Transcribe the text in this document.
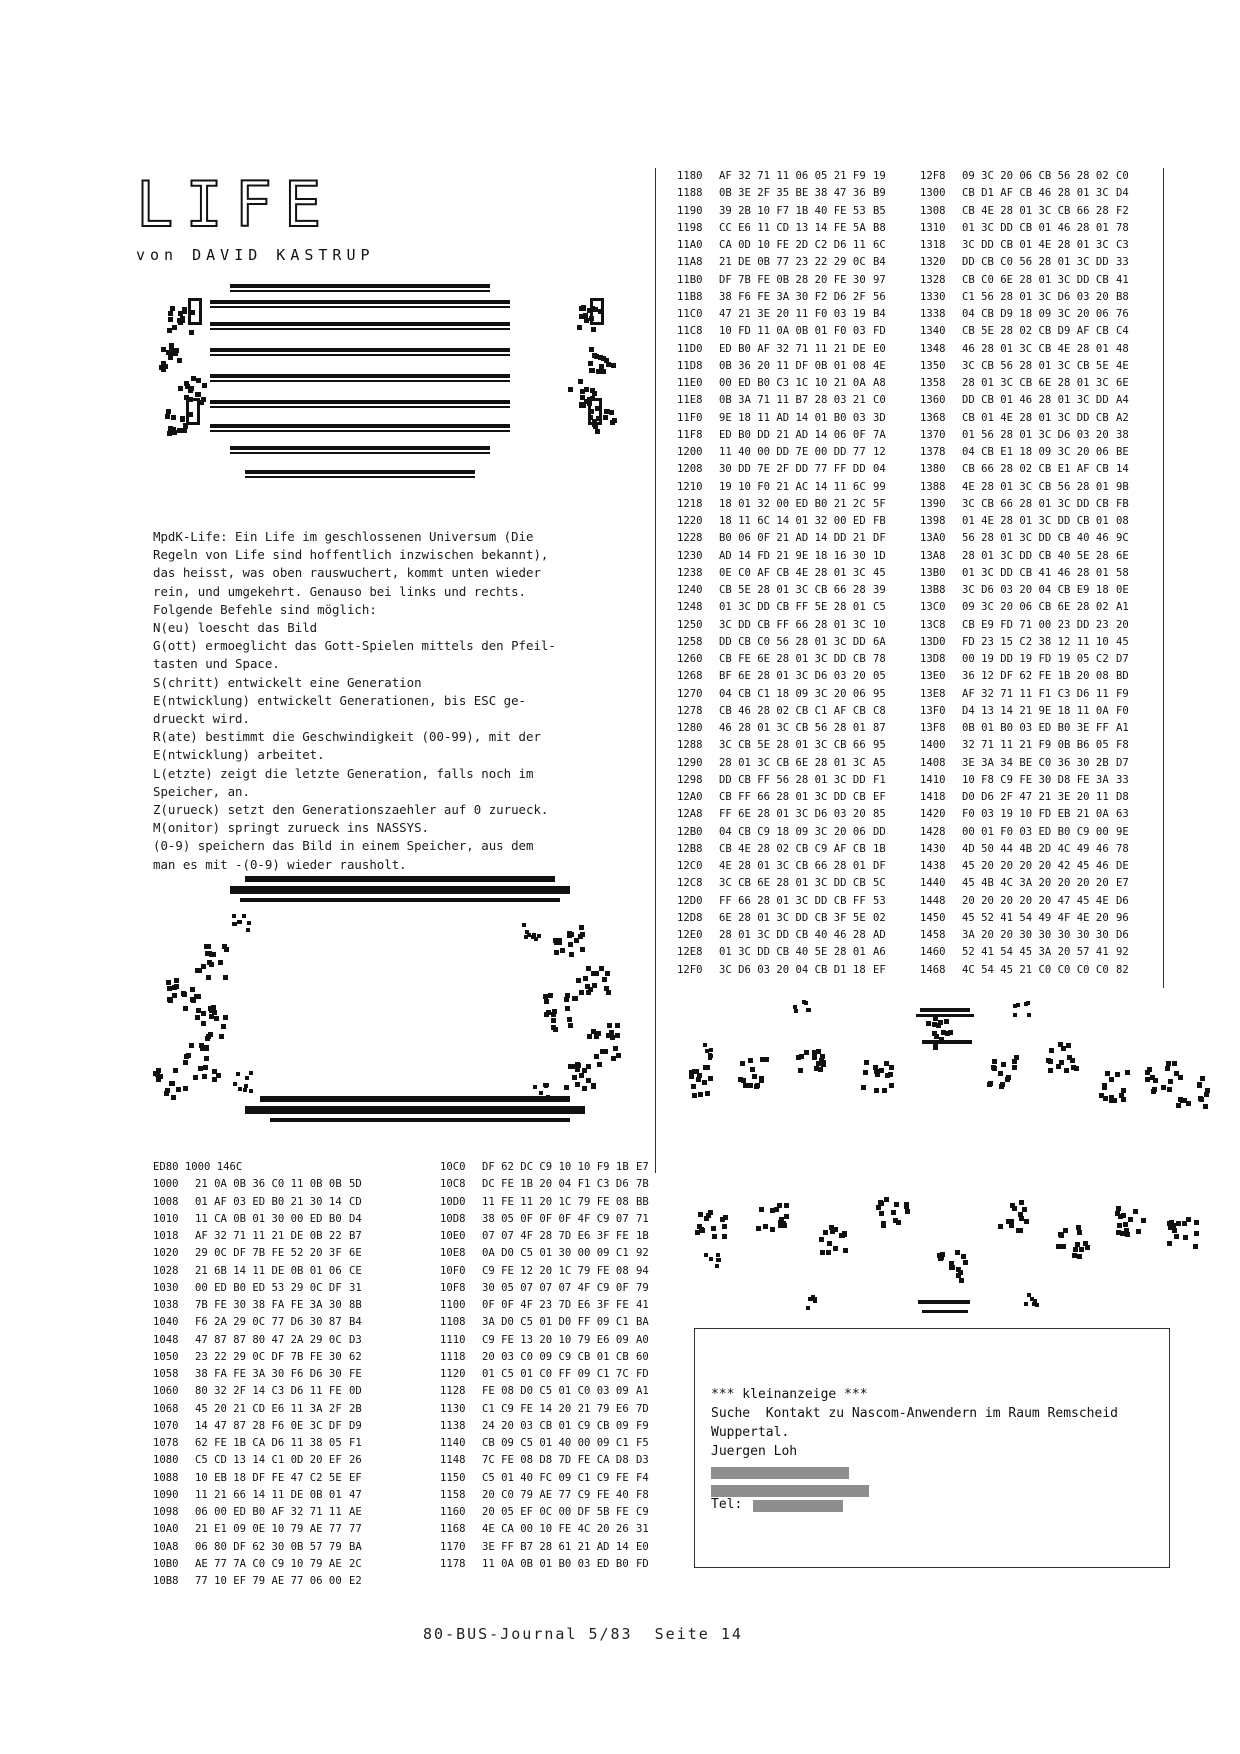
LIFE

von DAVID KASTRUP

MpdK-Life: Ein Life im geschlossenen Universum (Die
Regeln von Life sind hoffentlich inzwischen bekannt),
das heisst, was oben rauswuchert, kommt unten wieder
rein, und umgekehrt. Genauso bei links und rechts.
Folgende Befehle sind möglich:
N(eu) loescht das Bild
G(ott) ermoeglicht das Gott-Spielen mittels den Pfeil-
tasten und Space.
S(chritt) entwickelt eine Generation
E(ntwicklung) entwickelt Generationen, bis ESC ge-
drueckt wird.
R(ate) bestimmt die Geschwindigkeit (00-99), mit der
E(ntwicklung) arbeitet.
L(etzte) zeigt die letzte Generation, falls noch im
Speicher, an.
Z(urueck) setzt den Generationszaehler auf 0 zurueck.
M(onitor) springt zurueck ins NASSYS.
(0-9) speichern das Bild in einem Speicher, aus dem
man es mit -(0-9) wieder rausholt.
ED80 1000 146C
1000 21 0A 0B 36 C0 11 0B 0B 5D
1008 01 AF 03 ED B0 21 30 14 CD
1010 11 CA 0B 01 30 00 ED B0 D4
1018 AF 32 71 11 21 DE 0B 22 B7
1020 29 0C DF 7B FE 52 20 3F 6E
1028 21 6B 14 11 DE 0B 01 06 CE
1030 00 ED B0 ED 53 29 0C DF 31
1038 7B FE 30 38 FA FE 3A 30 8B
1040 F6 2A 29 0C 77 D6 30 87 B4
1048 47 87 87 80 47 2A 29 0C D3
1050 23 22 29 0C DF 7B FE 30 62
1058 38 FA FE 3A 30 F6 D6 30 FE
1060 80 32 2F 14 C3 D6 11 FE 0D
1068 45 20 21 CD E6 11 3A 2F 2B
1070 14 47 87 28 F6 0E 3C DF D9
1078 62 FE 1B CA D6 11 38 05 F1
1080 C5 CD 13 14 C1 0D 20 EF 26
1088 10 EB 18 DF FE 47 C2 5E EF
1090 11 21 66 14 11 DE 0B 01 47
1098 06 00 ED B0 AF 32 71 11 AE
10A0 21 E1 09 0E 10 79 AE 77 77
10A8 06 80 DF 62 30 0B 57 79 BA
10B0 AE 77 7A C0 C9 10 79 AE 2C
10B8 77 10 EF 79 AE 77 06 00 E2
10C0 DF 62 DC C9 10 10 F9 1B E7
10C8 DC FE 1B 20 04 F1 C3 D6 7B
10D0 11 FE 11 20 1C 79 FE 08 BB
10D8 38 05 0F 0F 0F 4F C9 07 71
10E0 07 07 4F 28 7D E6 3F FE 1B
10E8 0A D0 C5 01 30 00 09 C1 92
10F0 C9 FE 12 20 1C 79 FE 08 94
10F8 30 05 07 07 07 4F C9 0F 79
1100 0F 0F 4F 23 7D E6 3F FE 41
1108 3A D0 C5 01 D0 FF 09 C1 BA
1110 C9 FE 13 20 10 79 E6 09 A0
1118 20 03 C0 09 C9 CB 01 CB 60
1120 01 C5 01 C0 FF 09 C1 7C FD
1128 FE 08 D0 C5 01 C0 03 09 A1
1130 C1 C9 FE 14 20 21 79 E6 7D
1138 24 20 03 CB 01 C9 CB 09 F9
1140 CB 09 C5 01 40 00 09 C1 F5
1148 7C FE 08 D8 7D FE CA D8 D3
1150 C5 01 40 FC 09 C1 C9 FE F4
1158 20 C0 79 AE 77 C9 FE 40 F8
1160 20 05 EF 0C 00 DF 5B FE C9
1168 4E CA 00 10 FE 4C 20 26 31
1170 3E FF B7 28 61 21 AD 14 E0
1178 11 0A 0B 01 B0 03 ED B0 FD
1180 AF 32 71 11 06 05 21 F9 19
1188 0B 3E 2F 35 BE 38 47 36 B9
1190 39 2B 10 F7 1B 40 FE 53 B5
1198 CC E6 11 CD 13 14 FE 5A B8
11A0 CA 0D 10 FE 2D C2 D6 11 6C
11A8 21 DE 0B 77 23 22 29 0C B4
11B0 DF 7B FE 0B 28 20 FE 30 97
11B8 38 F6 FE 3A 30 F2 D6 2F 56
11C0 47 21 3E 20 11 F0 03 19 B4
11C8 10 FD 11 0A 0B 01 F0 03 FD
11D0 ED B0 AF 32 71 11 21 DE E0
11D8 0B 36 20 11 DF 0B 01 08 4E
11E0 00 ED B0 C3 1C 10 21 0A A8
11E8 0B 3A 71 11 B7 28 03 21 C0
11F0 9E 18 11 AD 14 01 B0 03 3D
11F8 ED B0 DD 21 AD 14 06 0F 7A
1200 11 40 00 DD 7E 00 DD 77 12
1208 30 DD 7E 2F DD 77 FF DD 04
1210 19 10 F0 21 AC 14 11 6C 99
1218 18 01 32 00 ED B0 21 2C 5F
1220 18 11 6C 14 01 32 00 ED FB
1228 B0 06 0F 21 AD 14 DD 21 DF
1230 AD 14 FD 21 9E 18 16 30 1D
1238 0E C0 AF CB 4E 28 01 3C 45
1240 CB 5E 28 01 3C CB 66 28 39
1248 01 3C DD CB FF 5E 28 01 C5
1250 3C DD CB FF 66 28 01 3C 10
1258 DD CB C0 56 28 01 3C DD 6A
1260 CB FE 6E 28 01 3C DD CB 78
1268 BF 6E 28 01 3C D6 03 20 05
1270 04 CB C1 18 09 3C 20 06 95
1278 CB 46 28 02 CB C1 AF CB C8
1280 46 28 01 3C CB 56 28 01 87
1288 3C CB 5E 28 01 3C CB 66 95
1290 28 01 3C CB 6E 28 01 3C A5
1298 DD CB FF 56 28 01 3C DD F1
12A0 CB FF 66 28 01 3C DD CB EF
12A8 FF 6E 28 01 3C D6 03 20 85
12B0 04 CB C9 18 09 3C 20 06 DD
12B8 CB 4E 28 02 CB C9 AF CB 1B
12C0 4E 28 01 3C CB 66 28 01 DF
12C8 3C CB 6E 28 01 3C DD CB 5C
12D0 FF 66 28 01 3C DD CB FF 53
12D8 6E 28 01 3C DD CB 3F 5E 02
12E0 28 01 3C DD CB 40 46 28 AD
12E8 01 3C DD CB 40 5E 28 01 A6
12F0 3C D6 03 20 04 CB D1 18 EF
12F8 09 3C 20 06 CB 56 28 02 C0
1300 CB D1 AF CB 46 28 01 3C D4
1308 CB 4E 28 01 3C CB 66 28 F2
1310 01 3C DD CB 01 46 28 01 78
1318 3C DD CB 01 4E 28 01 3C C3
1320 DD CB C0 56 28 01 3C DD 33
1328 CB C0 6E 28 01 3C DD CB 41
1330 C1 56 28 01 3C D6 03 20 B8
1338 04 CB D9 18 09 3C 20 06 76
1340 CB 5E 28 02 CB D9 AF CB C4
1348 46 28 01 3C CB 4E 28 01 48
1350 3C CB 56 28 01 3C CB 5E 4E
1358 28 01 3C CB 6E 28 01 3C 6E
1360 DD CB 01 46 28 01 3C DD A4
1368 CB 01 4E 28 01 3C DD CB A2
1370 01 56 28 01 3C D6 03 20 38
1378 04 CB E1 18 09 3C 20 06 BE
1380 CB 66 28 02 CB E1 AF CB 14
1388 4E 28 01 3C CB 56 28 01 9B
1390 3C CB 66 28 01 3C DD CB FB
1398 01 4E 28 01 3C DD CB 01 08
13A0 56 28 01 3C DD CB 40 46 9C
13A8 28 01 3C DD CB 40 5E 28 6E
13B0 01 3C DD CB 41 46 28 01 58
13B8 3C D6 03 20 04 CB E9 18 0E
13C0 09 3C 20 06 CB 6E 28 02 A1
13C8 CB E9 FD 71 00 23 DD 23 20
13D0 FD 23 15 C2 38 12 11 10 45
13D8 00 19 DD 19 FD 19 05 C2 D7
13E0 36 12 DF 62 FE 1B 20 08 BD
13E8 AF 32 71 11 F1 C3 D6 11 F9
13F0 D4 13 14 21 9E 18 11 0A F0
13F8 0B 01 B0 03 ED B0 3E FF A1
1400 32 71 11 21 F9 0B B6 05 F8
1408 3E 3A 34 BE C0 36 30 2B D7
1410 10 F8 C9 FE 30 D8 FE 3A 33
1418 D0 D6 2F 47 21 3E 20 11 D8
1420 F0 03 19 10 FD EB 21 0A 63
1428 00 01 F0 03 ED B0 C9 00 9E
1430 4D 50 44 4B 2D 4C 49 46 78
1438 45 20 20 20 20 42 45 46 DE
1440 45 4B 4C 3A 20 20 20 20 E7
1448 20 20 20 20 20 47 45 4E D6
1450 45 52 41 54 49 4F 4E 20 96
1458 3A 20 20 30 30 30 30 30 D6
1460 52 41 54 45 3A 20 57 41 92
1468 4C 54 45 21 C0 C0 C0 C0 82
*** kleinanzeige ***
Suche  Kontakt zu Nascom-Anwendern im Raum Remscheid
Wuppertal.
Juergen Loh
Tel:

80-BUS-Journal 5/83  Seite 14
